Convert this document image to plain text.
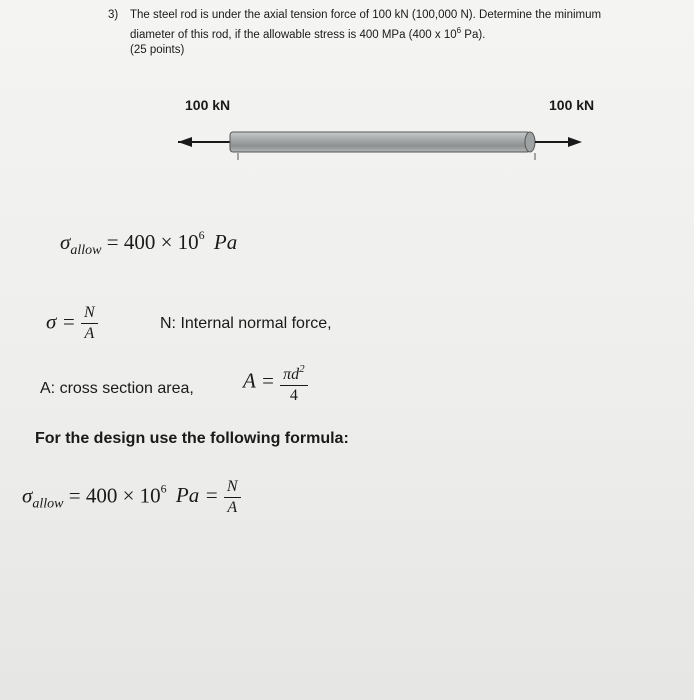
3) The steel rod is under the axial tension force of 100 kN (100,000 N). Determine the minimum diameter of this rod, if the allowable stress is 400 MPa (400 x $10^6$ Pa).
(25 points)
100 kN	100 kN
$\sigma_{allow} = 400 \times 10^6$ Pa
$\sigma = \frac{N}{A}$	N: Internal normal force,
A: cross section area, $A = \frac{\pi d^2}{4}$
For the design use the following formula:
$\sigma_{allow} = 400 \times 10^6$ $Pa = \frac{N}{A}$
